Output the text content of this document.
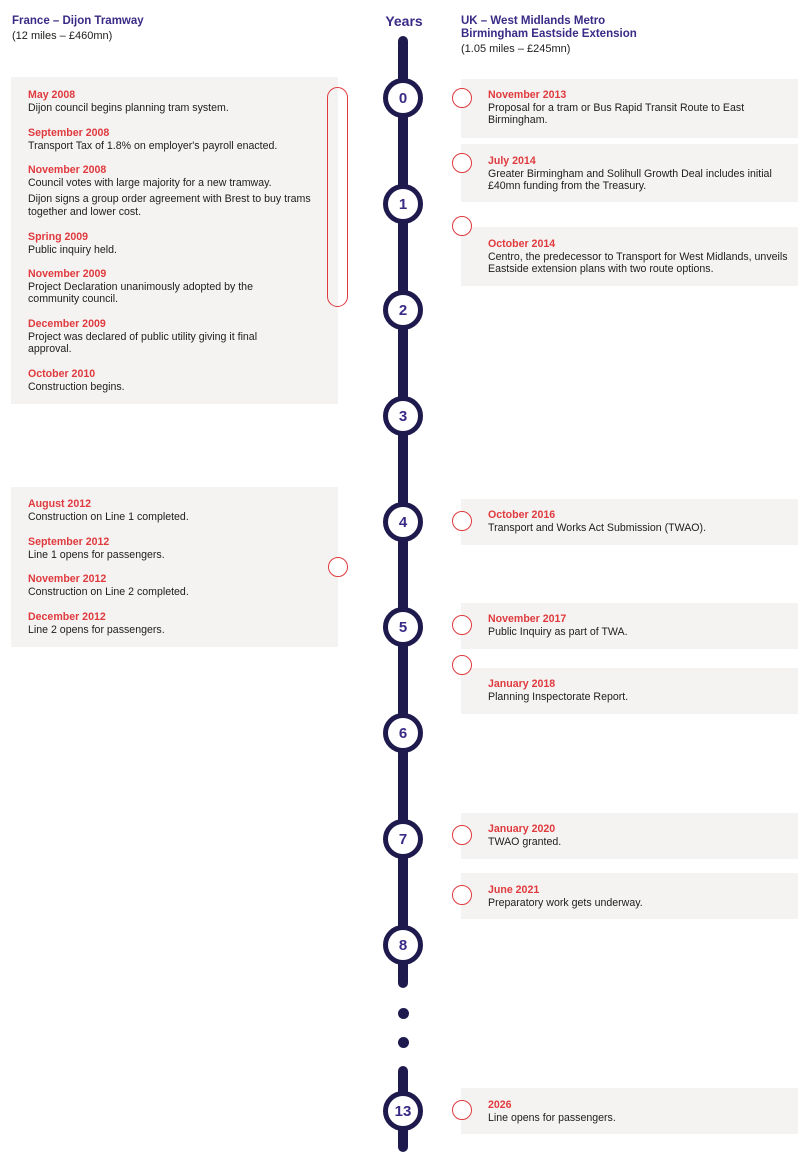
France – Dijon Tramway
(12 miles – £460mn)
Years	UK – West Midlands Metro
Birmingham Eastside Extension
(1.05 miles – £245mn)
0
1
2
3
4
5
6
7
8
13
May 2008
Dijon council begins planning tram system.
September 2008
Transport Tax of 1.8% on employer's payroll enacted.
November 2008
Council votes with large majority for a new tramway.
Dijon signs a group order agreement with Brest to buy trams together and lower cost.
Spring 2009
Public inquiry held.
November 2009
Project Declaration unanimously adopted by the community council.
December 2009
Project was declared of public utility giving it final approval.
October 2010
Construction begins.
August 2012
Construction on Line 1 completed.
September 2012
Line 1 opens for passengers.
November 2012
Construction on Line 2 completed.
December 2012
Line 2 opens for passengers.
November 2013
Proposal for a tram or Bus Rapid Transit Route to East Birmingham.
July 2014
Greater Birmingham and Solihull Growth Deal includes initial £40mn funding from the Treasury.
October 2014
Centro, the predecessor to Transport for West Midlands, unveils Eastside extension plans with two route options.
October 2016
Transport and Works Act Submission (TWAO).
November 2017
Public Inquiry as part of TWA.
January 2018
Planning Inspectorate Report.
January 2020
TWAO granted.
June 2021
Preparatory work gets underway.
2026
Line opens for passengers.
